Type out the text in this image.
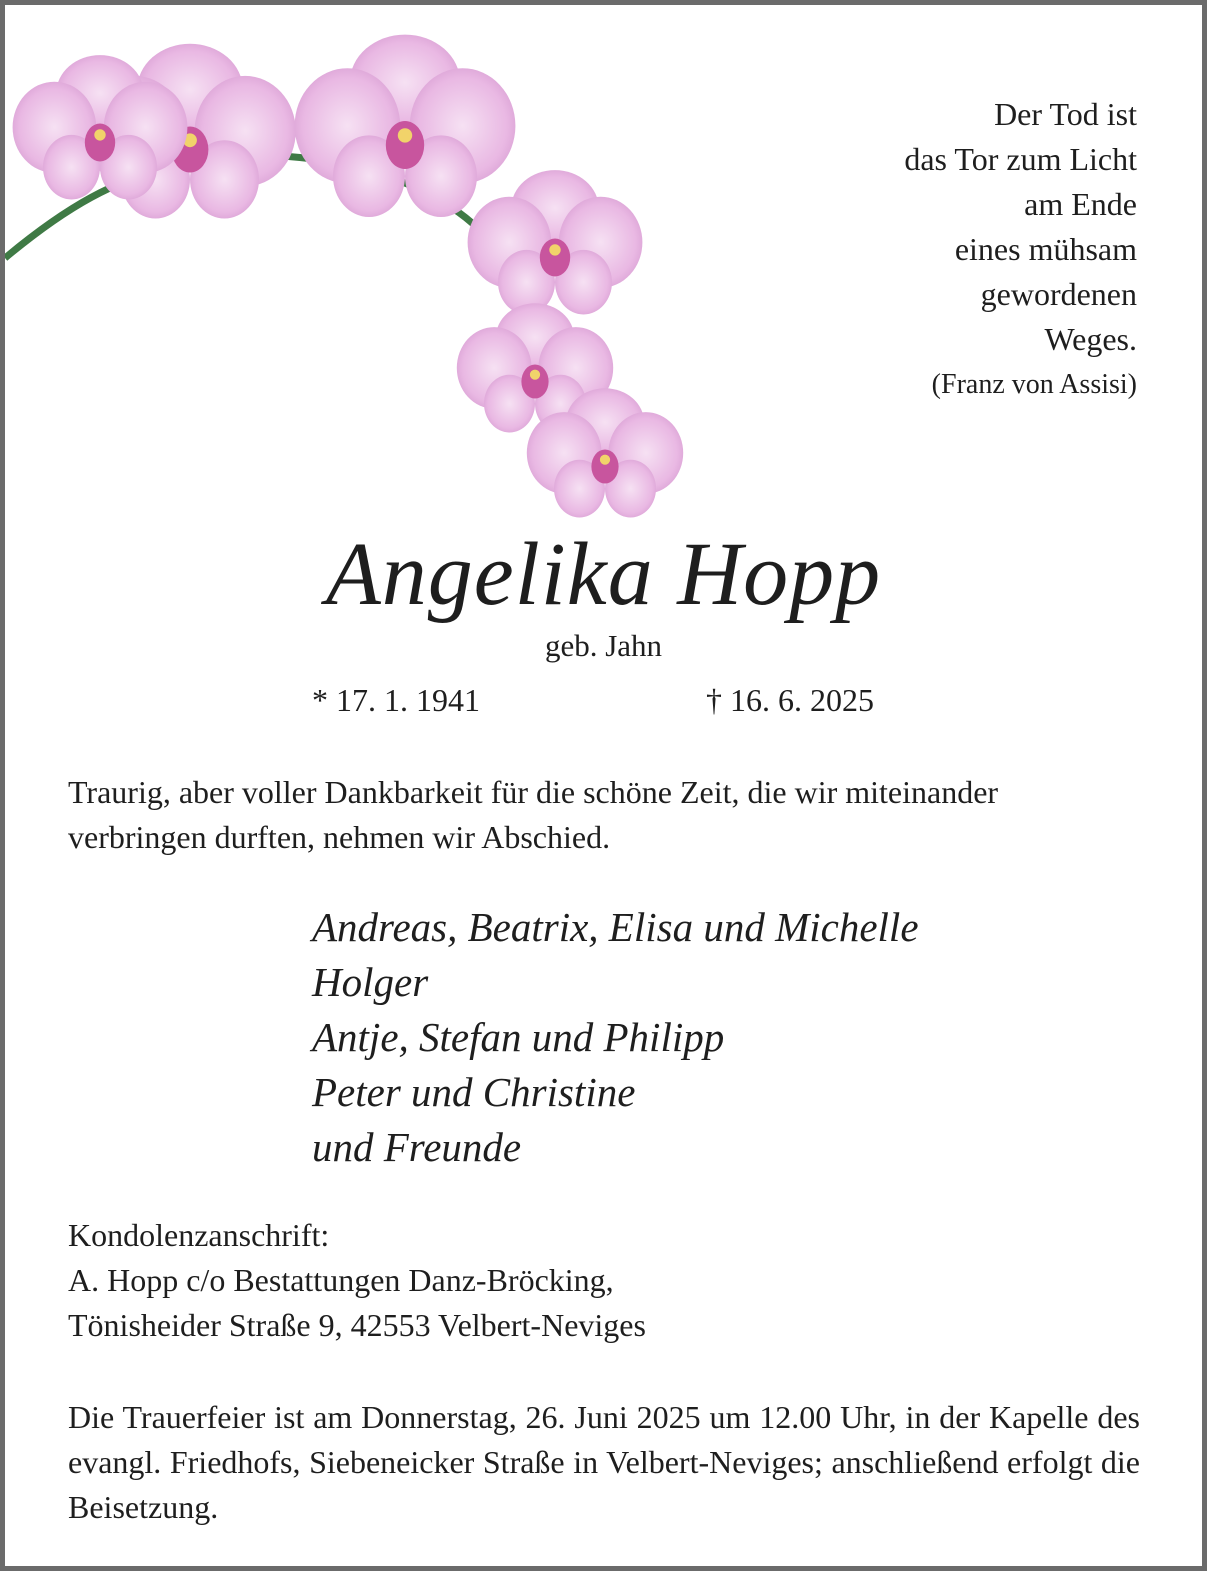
Der Tod ist
das Tor zum Licht
am Ende
eines mühsam
gewordenen
Weges.
(Franz von Assisi)
Angelika Hopp
geb. Jahn
* 17. 1. 1941	† 16. 6. 2025
Traurig, aber voller Dankbarkeit für die schöne Zeit, die wir miteinander verbringen durften, nehmen wir Abschied.
Andreas, Beatrix, Elisa und Michelle
Holger
Antje, Stefan und Philipp
Peter und Christine
und Freunde
Kondolenzanschrift:
A. Hopp c/o Bestattungen Danz-Bröcking,
Tönisheider Straße 9, 42553 Velbert-Neviges
Die Trauerfeier ist am Donnerstag, 26. Juni 2025 um 12.00 Uhr, in der Kapelle des evangl. Friedhofs, Siebeneicker Straße in Velbert-Neviges; anschließend erfolgt die Beisetzung.
